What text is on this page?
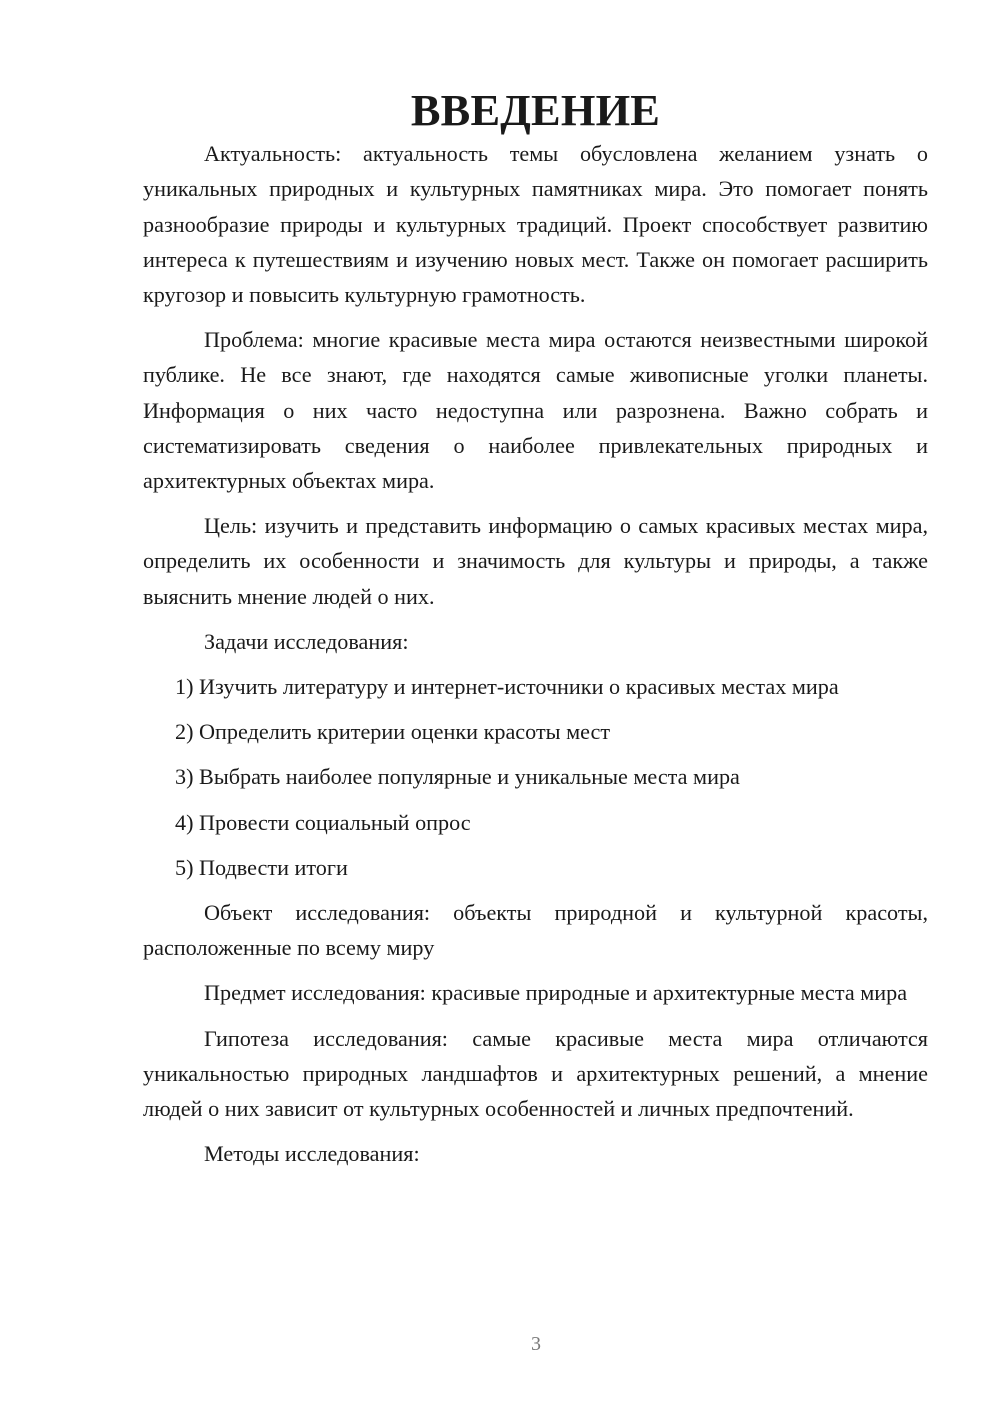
ВВЕДЕНИЕ

Актуальность: актуальность темы обусловлена желанием узнать о уникальных природных и культурных памятниках мира. Это помогает понять разнообразие природы и культурных традиций. Проект способствует развитию интереса к путешествиям и изучению новых мест. Также он помогает расширить кругозор и повысить культурную грамотность.

Проблема: многие красивые места мира остаются неизвестными широкой публике. Не все знают, где находятся самые живописные уголки планеты. Информация о них часто недоступна или разрознена. Важно собрать и систематизировать сведения о наиболее привлекательных природных и архитектурных объектах мира.

Цель: изучить и представить информацию о самых красивых местах мира, определить их особенности и значимость для культуры и природы, а также выяснить мнение людей о них.

Задачи исследования:

1) Изучить литературу и интернет-источники о красивых местах мира
2) Определить критерии оценки красоты мест
3) Выбрать наиболее популярные и уникальные места мира
4) Провести социальный опрос
5) Подвести итоги

Объект исследования: объекты природной и культурной красоты, расположенные по всему миру

Предмет исследования: красивые природные и архитектурные места мира

Гипотеза исследования: самые красивые места мира отличаются уникальностью природных ландшафтов и архитектурных решений, а мнение людей о них зависит от культурных особенностей и личных предпочтений.

Методы исследования:

3
